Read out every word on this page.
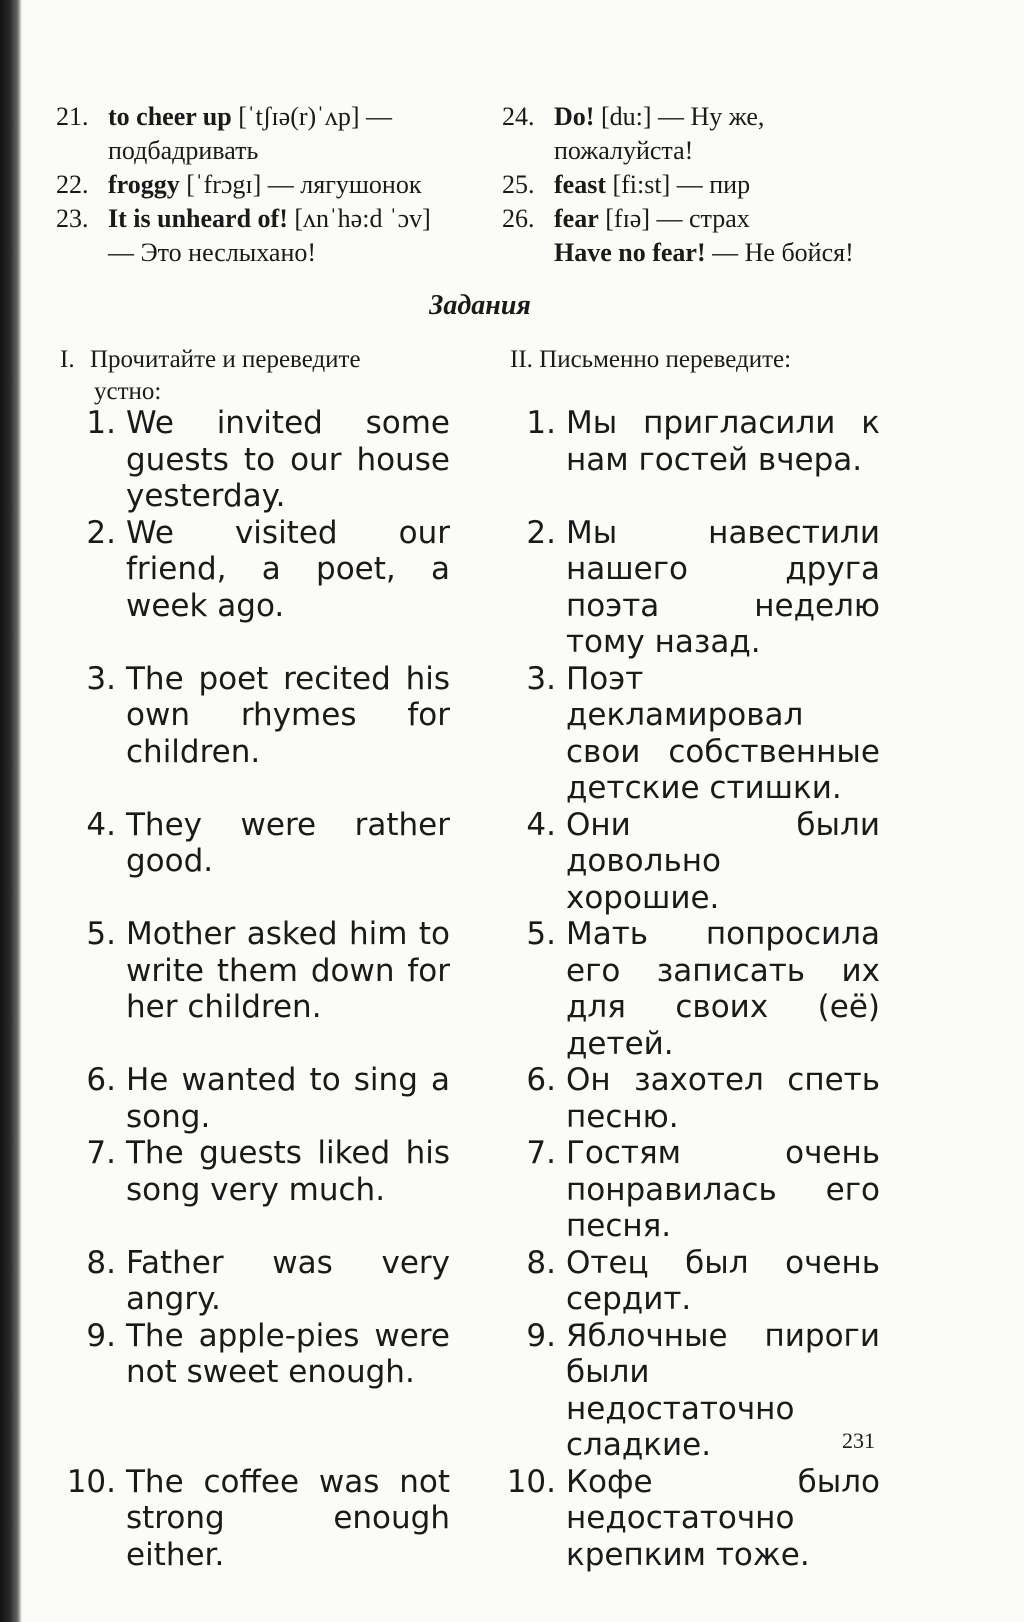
21. to cheer up [ˈtʃɪə(r)ˈʌp] — подбадривать
22. froggy [ˈfrɔgɪ] — лягушонок
23. It is unheard of! [ʌnˈhə:d ˈɔv] — Это неслыхано!
24. Do! [du:] — Ну же, пожалуйста!
25. feast [fi:st] — пир
26. fear [fɪə] — страх
Have no fear! — Не бойся!
Задания
I. Прочитайте и переведите
устно:
II. Письменно переведите:
1. We invited some guests to our house yesterday.
1. Мы пригласили к нам гостей вчера.
2. We visited our friend, a poet, a week ago.
2. Мы навестили нашего друга поэта неделю тому назад.
3. The poet recited his own rhymes for children.
3. Поэт декламировал свои собственные детские стишки.
4. They were rather good.
4. Они были довольно хорошие.
5. Mother asked him to write them down for her children.
5. Мать попросила его записать их для своих (её) детей.
6. He wanted to sing a song.
6. Он захотел спеть песню.
7. The guests liked his song very much.
7. Гостям очень понравилась его песня.
8. Father was very angry.
8. Отец был очень сердит.
9. The apple-pies were not sweet enough.
9. Яблочные пироги были недостаточно сладкие.
10. The coffee was not strong enough either.
10. Кофе было недостаточно крепким тоже.
231
